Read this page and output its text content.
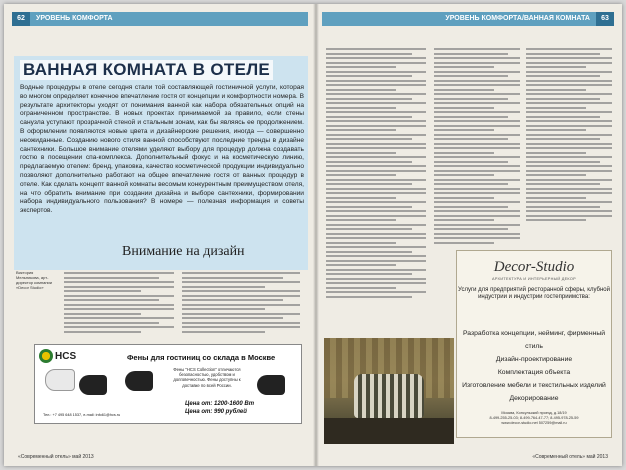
62	УРОВЕНЬ КОМФОРТА	УРОВЕНЬ КОМФОРТА/ВАННАЯ КОМНАТА	63
ВАННАЯ КОМНАТА В ОТЕЛЕ
Водные процедуры в отеле сегодня стали той составляющей гостиничной услуги, которая во многом определяет конечное впечатление гостя от концепции и комфортности номера. В результате архитекторы уходят от понимания ванной как набора обязательных опций на ограниченном пространстве. В новых проектах принимаемой за правило, если стены санузла уступают прозрачной стеной и стальным зонам, как бы являясь ее продолжением. В оформлении появляются новые цвета и дизайнерские решения, иногда — совершенно неожиданные. Созданию нового стиля ванной способствуют последние тренды в дизайне сантехники. Большое внимание отелями уделяют выбору для процедур должна создавать гостю в посещении спа-комплекса. Дополнительный фокус и на косметическую линию, предлагаемую отелем: бренд, упаковка, качество косметической продукции индивидуально позволяют дополнительно работают на общее впечатление гостя от ванных процедур в отеле. Как сделать концепт ванной комнаты весомым конкурентным преимуществом отеля, на что обратить внимание при создании дизайна и выборе сантехники, формировании набора индивидуального пользования? В номере — полезная информация и советы экспертов.
Внимание на дизайн
Виктория Мельникова, арт-директор компании «Decor Studio»
HCS	Фены для гостиниц со склада в Москве
Фены "HCS Collection" отличаются безопасностью, удобством и долговечностью. Фены доступны к доставке по всей России.
Цена от: 1200-1600 Вт
Цена от: 990 рублей
Тел.: +7 495 648 1537, e-mail: info61@hcs.ru
«Современный отель» май 2013
Decor-Studio
АРХИТЕКТУРА И ИНТЕРЬЕРНЫЙ ДЕКОР
Услуги для предприятий ресторанной сферы, клубной индустрии и индустрии гостеприимства:
Разработка концепции, нейминг, фирменный стиль
Дизайн-проектирование
Комплектация объекта
Изготовление мебели и текстильных изделий
Декорирование
Москва, Консульский проезд, д.18/19
8-499-255-25-03; 8-499-764-47-77; 8-495-978-25-59
www.decor-studio.net 507259@mail.ru
«Современный отель» май 2013
